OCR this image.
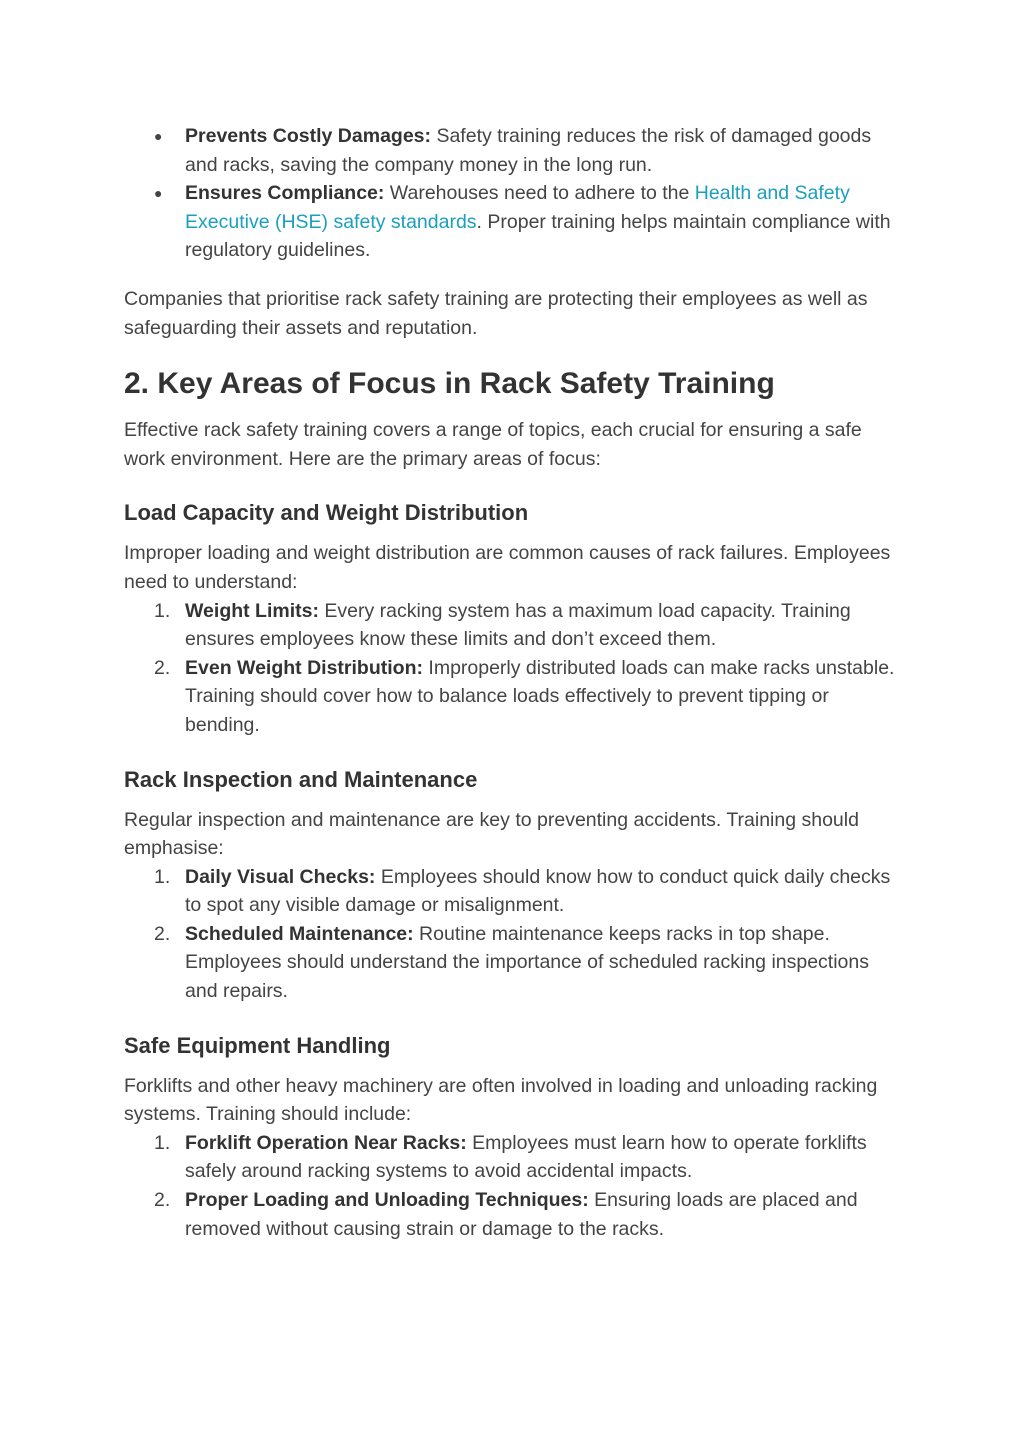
● Prevents Costly Damages: Safety training reduces the risk of damaged goods and racks, saving the company money in the long run.
● Ensures Compliance: Warehouses need to adhere to the Health and Safety Executive (HSE) safety standards. Proper training helps maintain compliance with regulatory guidelines.

Companies that prioritise rack safety training are protecting their employees as well as safeguarding their assets and reputation.

2. Key Areas of Focus in Rack Safety Training

Effective rack safety training covers a range of topics, each crucial for ensuring a safe work environment. Here are the primary areas of focus:

Load Capacity and Weight Distribution

Improper loading and weight distribution are common causes of rack failures. Employees need to understand:

1. Weight Limits: Every racking system has a maximum load capacity. Training ensures employees know these limits and don’t exceed them.
2. Even Weight Distribution: Improperly distributed loads can make racks unstable. Training should cover how to balance loads effectively to prevent tipping or bending.
Rack Inspection and Maintenance

Regular inspection and maintenance are key to preventing accidents. Training should emphasise:

1. Daily Visual Checks: Employees should know how to conduct quick daily checks to spot any visible damage or misalignment.
2. Scheduled Maintenance: Routine maintenance keeps racks in top shape. Employees should understand the importance of scheduled racking inspections and repairs.
Safe Equipment Handling

Forklifts and other heavy machinery are often involved in loading and unloading racking systems. Training should include:

1. Forklift Operation Near Racks: Employees must learn how to operate forklifts safely around racking systems to avoid accidental impacts.
2. Proper Loading and Unloading Techniques: Ensuring loads are placed and removed without causing strain or damage to the racks.
